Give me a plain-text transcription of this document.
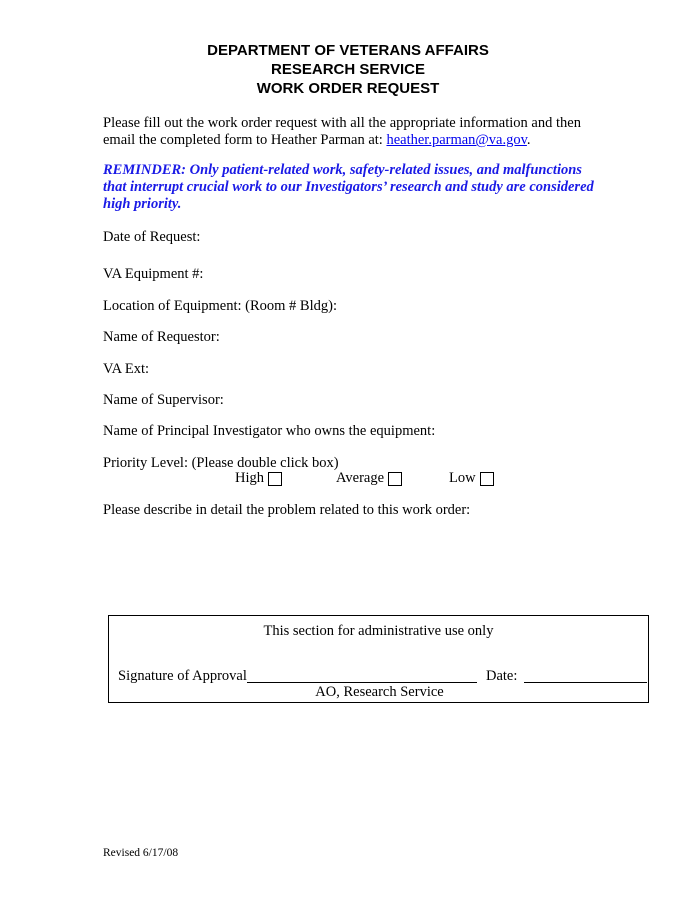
DEPARTMENT OF VETERANS AFFAIRS
RESEARCH SERVICE
WORK ORDER REQUEST
Please fill out the work order request with all the appropriate information and then email the completed form to Heather Parman at: heather.parman@va.gov.
REMINDER: Only patient-related work, safety-related issues, and malfunctions that interrupt crucial work to our Investigators’ research and study are considered high priority.
Date of Request:
VA Equipment #:
Location of Equipment: (Room # Bldg):
Name of Requestor:
VA Ext:
Name of Supervisor:
Name of Principal Investigator who owns the equipment:
Priority Level: (Please double click box)
High	Average	Low
Please describe in detail the problem related to this work order:
This section for administrative use only
Signature of Approval	Date:
AO, Research Service
Revised 6/17/08
